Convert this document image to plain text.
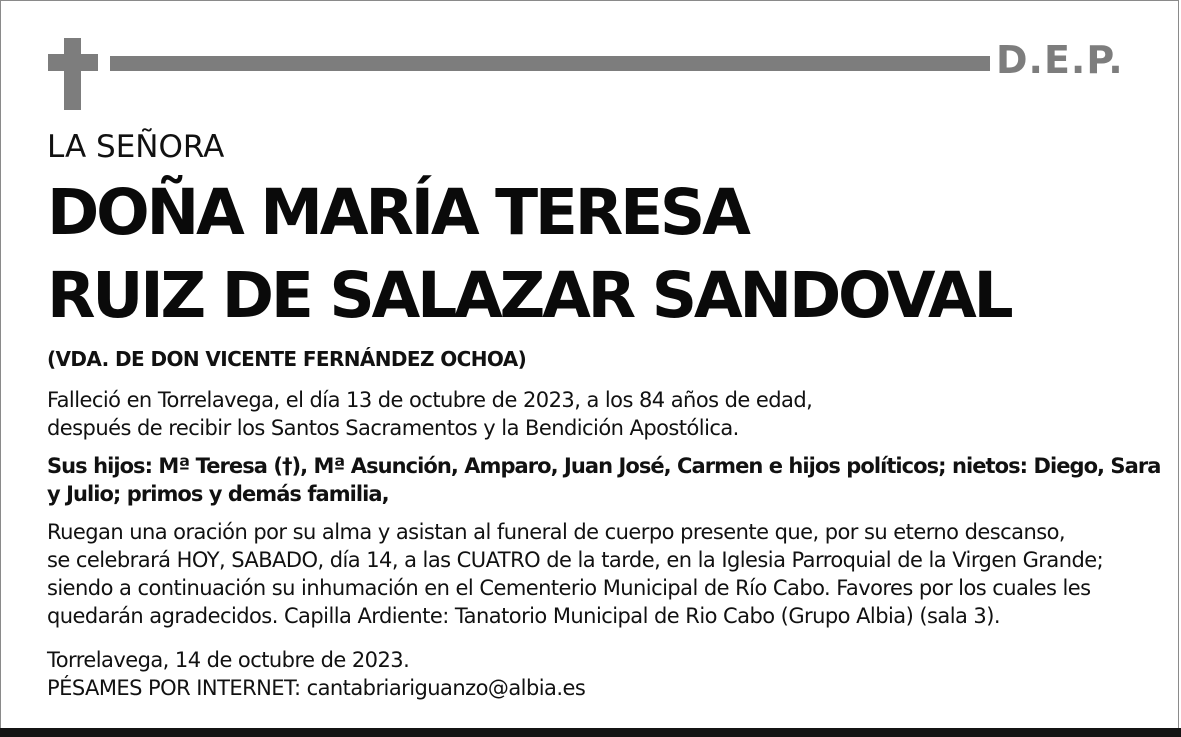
D.E.P.
LA SEÑORA
DOÑA MARÍA TERESA
RUIZ DE SALAZAR SANDOVAL
(VDA. DE DON VICENTE FERNÁNDEZ OCHOA)
Falleció en Torrelavega, el día 13 de octubre de 2023, a los 84 años de edad,
después de recibir los Santos Sacramentos y la Bendición Apostólica.
Sus hijos: Mª Teresa (†), Mª Asunción, Amparo, Juan José, Carmen e hijos políticos; nietos: Diego, Sara
y Julio; primos y demás familia,
Ruegan una oración por su alma y asistan al funeral de cuerpo presente que, por su eterno descanso,
se celebrará HOY, SABADO, día 14, a las CUATRO de la tarde, en la Iglesia Parroquial de la Virgen Grande;
siendo a continuación su inhumación en el Cementerio Municipal de Río Cabo. Favores por los cuales les
quedarán agradecidos. Capilla Ardiente: Tanatorio Municipal de Rio Cabo (Grupo Albia) (sala 3).
Torrelavega, 14 de octubre de 2023.
PÉSAMES POR INTERNET: cantabriariguanzo@albia.es
